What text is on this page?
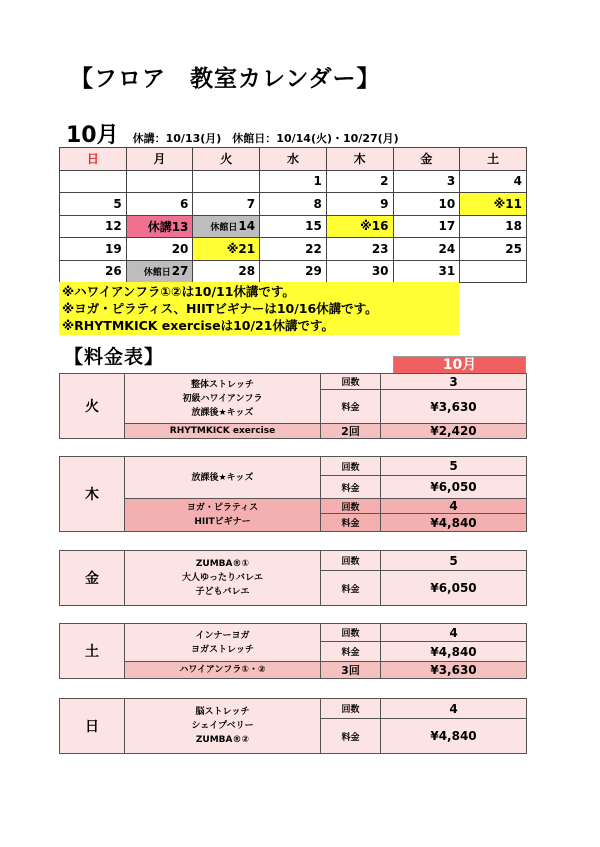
【フロア　教室カレンダー】
10月 休講：10/13(月)　休館日：10/14(火)・10/27(月)
日	月	火	水	木	金	土
			1	2	3	4
5	6	7	8	9	10	※11
12	休講13	休館日14	15	※16	17	18
19	20	※21	22	23	24	25
26	休館日27	28	29	30	31	
※ハワイアンフラ①②は10/11休講です。
※ヨガ・ピラティス、HIITビギナーは10/16休講です。
※RHYTMKICK exerciseは10/21休講です。
【料金表】	10月
火
整体ストレッチ
初級ハワイアンフラ
放課後★キッズ
回数	3
料金	¥3,630
RHYTMKICK exercise	2回	¥2,420
木
放課後★キッズ
回数	5
料金	¥6,050
ヨガ・ピラティス
HIITビギナー
回数	4
料金	¥4,840
金
ZUMBA®①
大人ゆったりバレエ
子どもバレエ
回数	5
料金	¥6,050
土
インナーヨガ
ヨガストレッチ
回数	4
料金	¥4,840
ハワイアンフラ①・②	3回	¥3,630
日
脳ストレッチ
シェイプベリー
ZUMBA®②
回数	4
料金	¥4,840
